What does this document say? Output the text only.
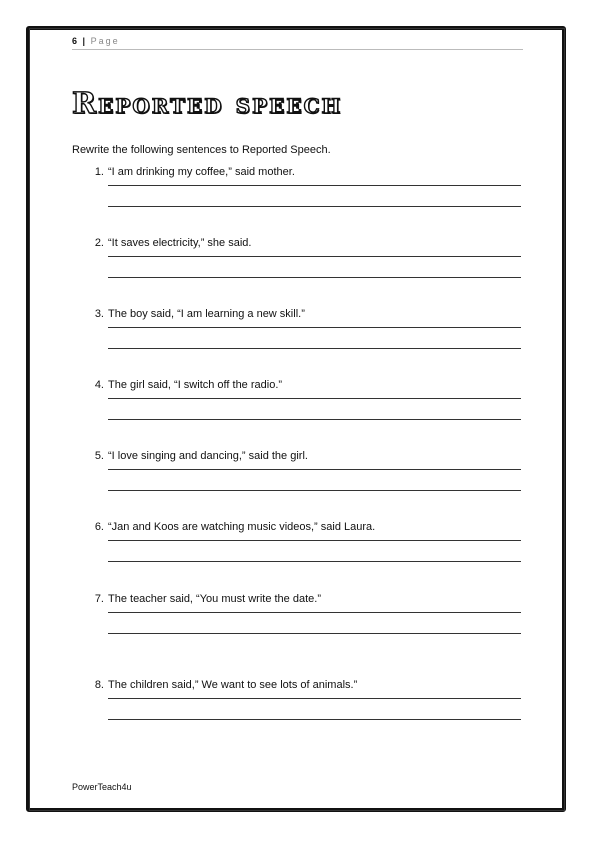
6 | Page
Reported speech
Rewrite the following sentences to Reported Speech.
1. “I am drinking my coffee,” said mother.
2. “It saves electricity,” she said.
3. The boy said, “I am learning a new skill.”
4. The girl said, “I switch off the radio.”
5. “I love singing and dancing,” said the girl.
6. “Jan and Koos are watching music videos,” said Laura.
7. The teacher said, “You must write the date.”
8. The children said,” We want to see lots of animals.”
PowerTeach4u
